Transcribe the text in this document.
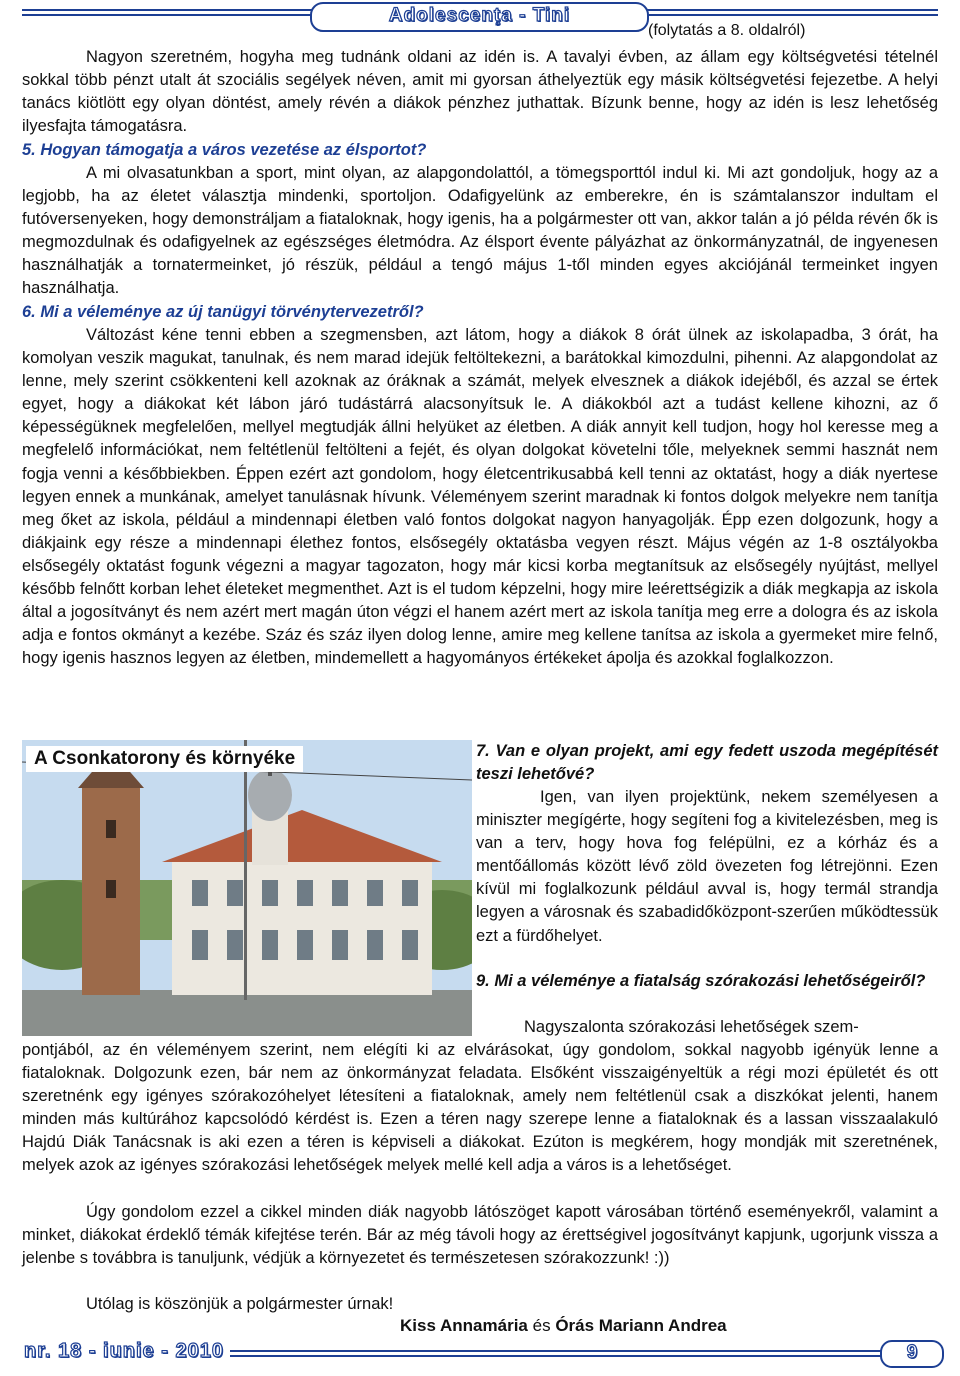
Adolescenţa - Tini
(folytatás a 8. oldalról)

Nagyon szeretném, hogyha meg tudnánk oldani az idén is. A tavalyi évben, az állam egy költségvetési tételnél sokkal több pénzt utalt át szociális segélyek néven, amit mi gyorsan áthelyeztük egy másik költségvetési fejezetbe. A helyi tanács kiötlött egy olyan döntést, amely révén a diákok pénzhez juthattak. Bízunk benne, hogy az idén is lesz lehetőség ilyesfajta támogatásra.

5. Hogyan támogatja a város vezetése az élsportot?

A mi olvasatunkban a sport, mint olyan, az alapgondolattól, a tömegsporttól indul ki. Mi azt gondoljuk, hogy az a legjobb, ha az életet választja mindenki, sportoljon. Odafigyelünk az emberekre, én is számtalanszor indultam el futóversenyeken, hogy demonstráljam a fiataloknak, hogy igenis, ha a polgármester ott van, akkor talán a jó példa révén ők is megmozdulnak és odafigyelnek az egészséges életmódra. Az élsport évente pályázhat az önkormányzatnál, de ingyenesen használhatják a tornatermeinket, jó részük, például a tengó május 1-től minden egyes akciójánál termeinket ingyen használhatja.

6. Mi a véleménye az új tanügyi törvénytervezetről?

Változást kéne tenni ebben a szegmensben, azt látom, hogy a diákok 8 órát ülnek az iskolapadba, 3 órát, ha komolyan veszik magukat, tanulnak, és nem marad idejük feltöltekezni, a barátokkal kimozdulni, pihenni. Az alapgondolat az lenne, mely szerint csökkenteni kell azoknak az óráknak a számát, melyek elvesznek a diákok idejéből, és azzal se értek egyet, hogy a diákokat két lábon járó tudástárrá alacsonyítsuk le. A diákokból azt a tudást kellene kihozni, az ő képességüknek megfelelően, mellyel megtudják állni helyüket az életben. A diák annyit kell tudjon, hogy hol keresse meg a megfelelő információkat, nem feltétlenül feltölteni a fejét, és olyan dolgokat követelni tőle, melyeknek semmi hasznát nem fogja venni a későbbiekben. Éppen ezért azt gondolom, hogy életcentrikusabbá kell tenni az oktatást, hogy a diák nyertese legyen ennek a munkának, amelyet tanulásnak hívunk. Véleményem szerint maradnak ki fontos dolgok melyekre nem tanítja meg őket az iskola, például a mindennapi életben való fontos dolgokat nagyon hanyagolják. Épp ezen dolgozunk, hogy a diákjaink egy része a mindennapi élethez fontos, elsősegély oktatásba vegyen részt. Május végén az 1-8 osztályokba elsősegély oktatást fogunk végezni a magyar tagozaton, hogy már kicsi korba megtanítsuk az elsősegély nyújtást, mellyel később felnőtt korban lehet életeket megmenthet. Azt is el tudom képzelni, hogy mire leérettségizik a diák megkapja az iskola által a jogosítványt és nem azért mert magán úton végzi el hanem azért mert az iskola tanítja meg erre a dologra és az iskola adja e fontos okmányt a kezébe. Száz és száz ilyen dolog lenne, amire meg kellene tanítsa az iskola a gyermeket mire felnő, hogy igenis hasznos legyen az életben, mindemellett a hagyományos értékeket ápolja és azokkal foglalkozzon.

A Csonkatorony és környéke	7. Van e olyan projekt, ami egy fedett uszoda megépítését teszi lehetővé?

Igen, van ilyen projektünk, nekem személyesen a miniszter megígérte, hogy segíteni fog a kivitelezésben, meg is van a terv, hogy hova fog felépülni, ez a kórház és a mentőállomás között lévő zöld övezeten fog létrejönni. Ezen kívül mi foglalkozunk például avval is, hogy termál strandja legyen a városnak és szabadidőközpont-szerűen működtessük ezt a fürdőhelyet.

9. Mi a véleménye a fiatalság szórakozási lehetőségeiről?

Nagyszalonta szórakozási lehetőségek szem-

pontjából, az én véleményem szerint, nem elégíti ki az elvárásokat, úgy gondolom, sokkal nagyobb igényük lenne a fiataloknak. Dolgozunk ezen, bár nem az önkormányzat feladata. Elsőként visszaigényeltük a régi mozi épületét és ott szeretnénk egy igényes szórakozóhelyet létesíteni a fiataloknak, amely nem feltétlenül csak a diszkókat jelenti, hanem minden más kultúrához kapcsolódó kérdést is. Ezen a téren nagy szerepe lenne a fiataloknak és a lassan visszaalakuló Hajdú Diák Tanácsnak is aki ezen a téren is képviseli a diákokat. Ezúton is megkérem, hogy mondják mit szeretnének, melyek azok az igényes szórakozási lehetőségek melyek mellé kell adja a város is a lehetőséget.

Úgy gondolom ezzel a cikkel minden diák nagyobb látószöget kapott városában történő eseményekről, valamint a minket, diákokat érdeklő témák kifejtése terén. Bár az még távoli hogy az érettségivel jogosítványt kapjunk, ugorjunk vissza a jelenbe s továbbra is tanuljunk, védjük a környezetet és természetesen szórakozzunk! :))

Utólag is köszönjük a polgármester úrnak!

Kiss Annamária és Órás Mariann Andrea
nr. 18 - iunie - 2010	9
